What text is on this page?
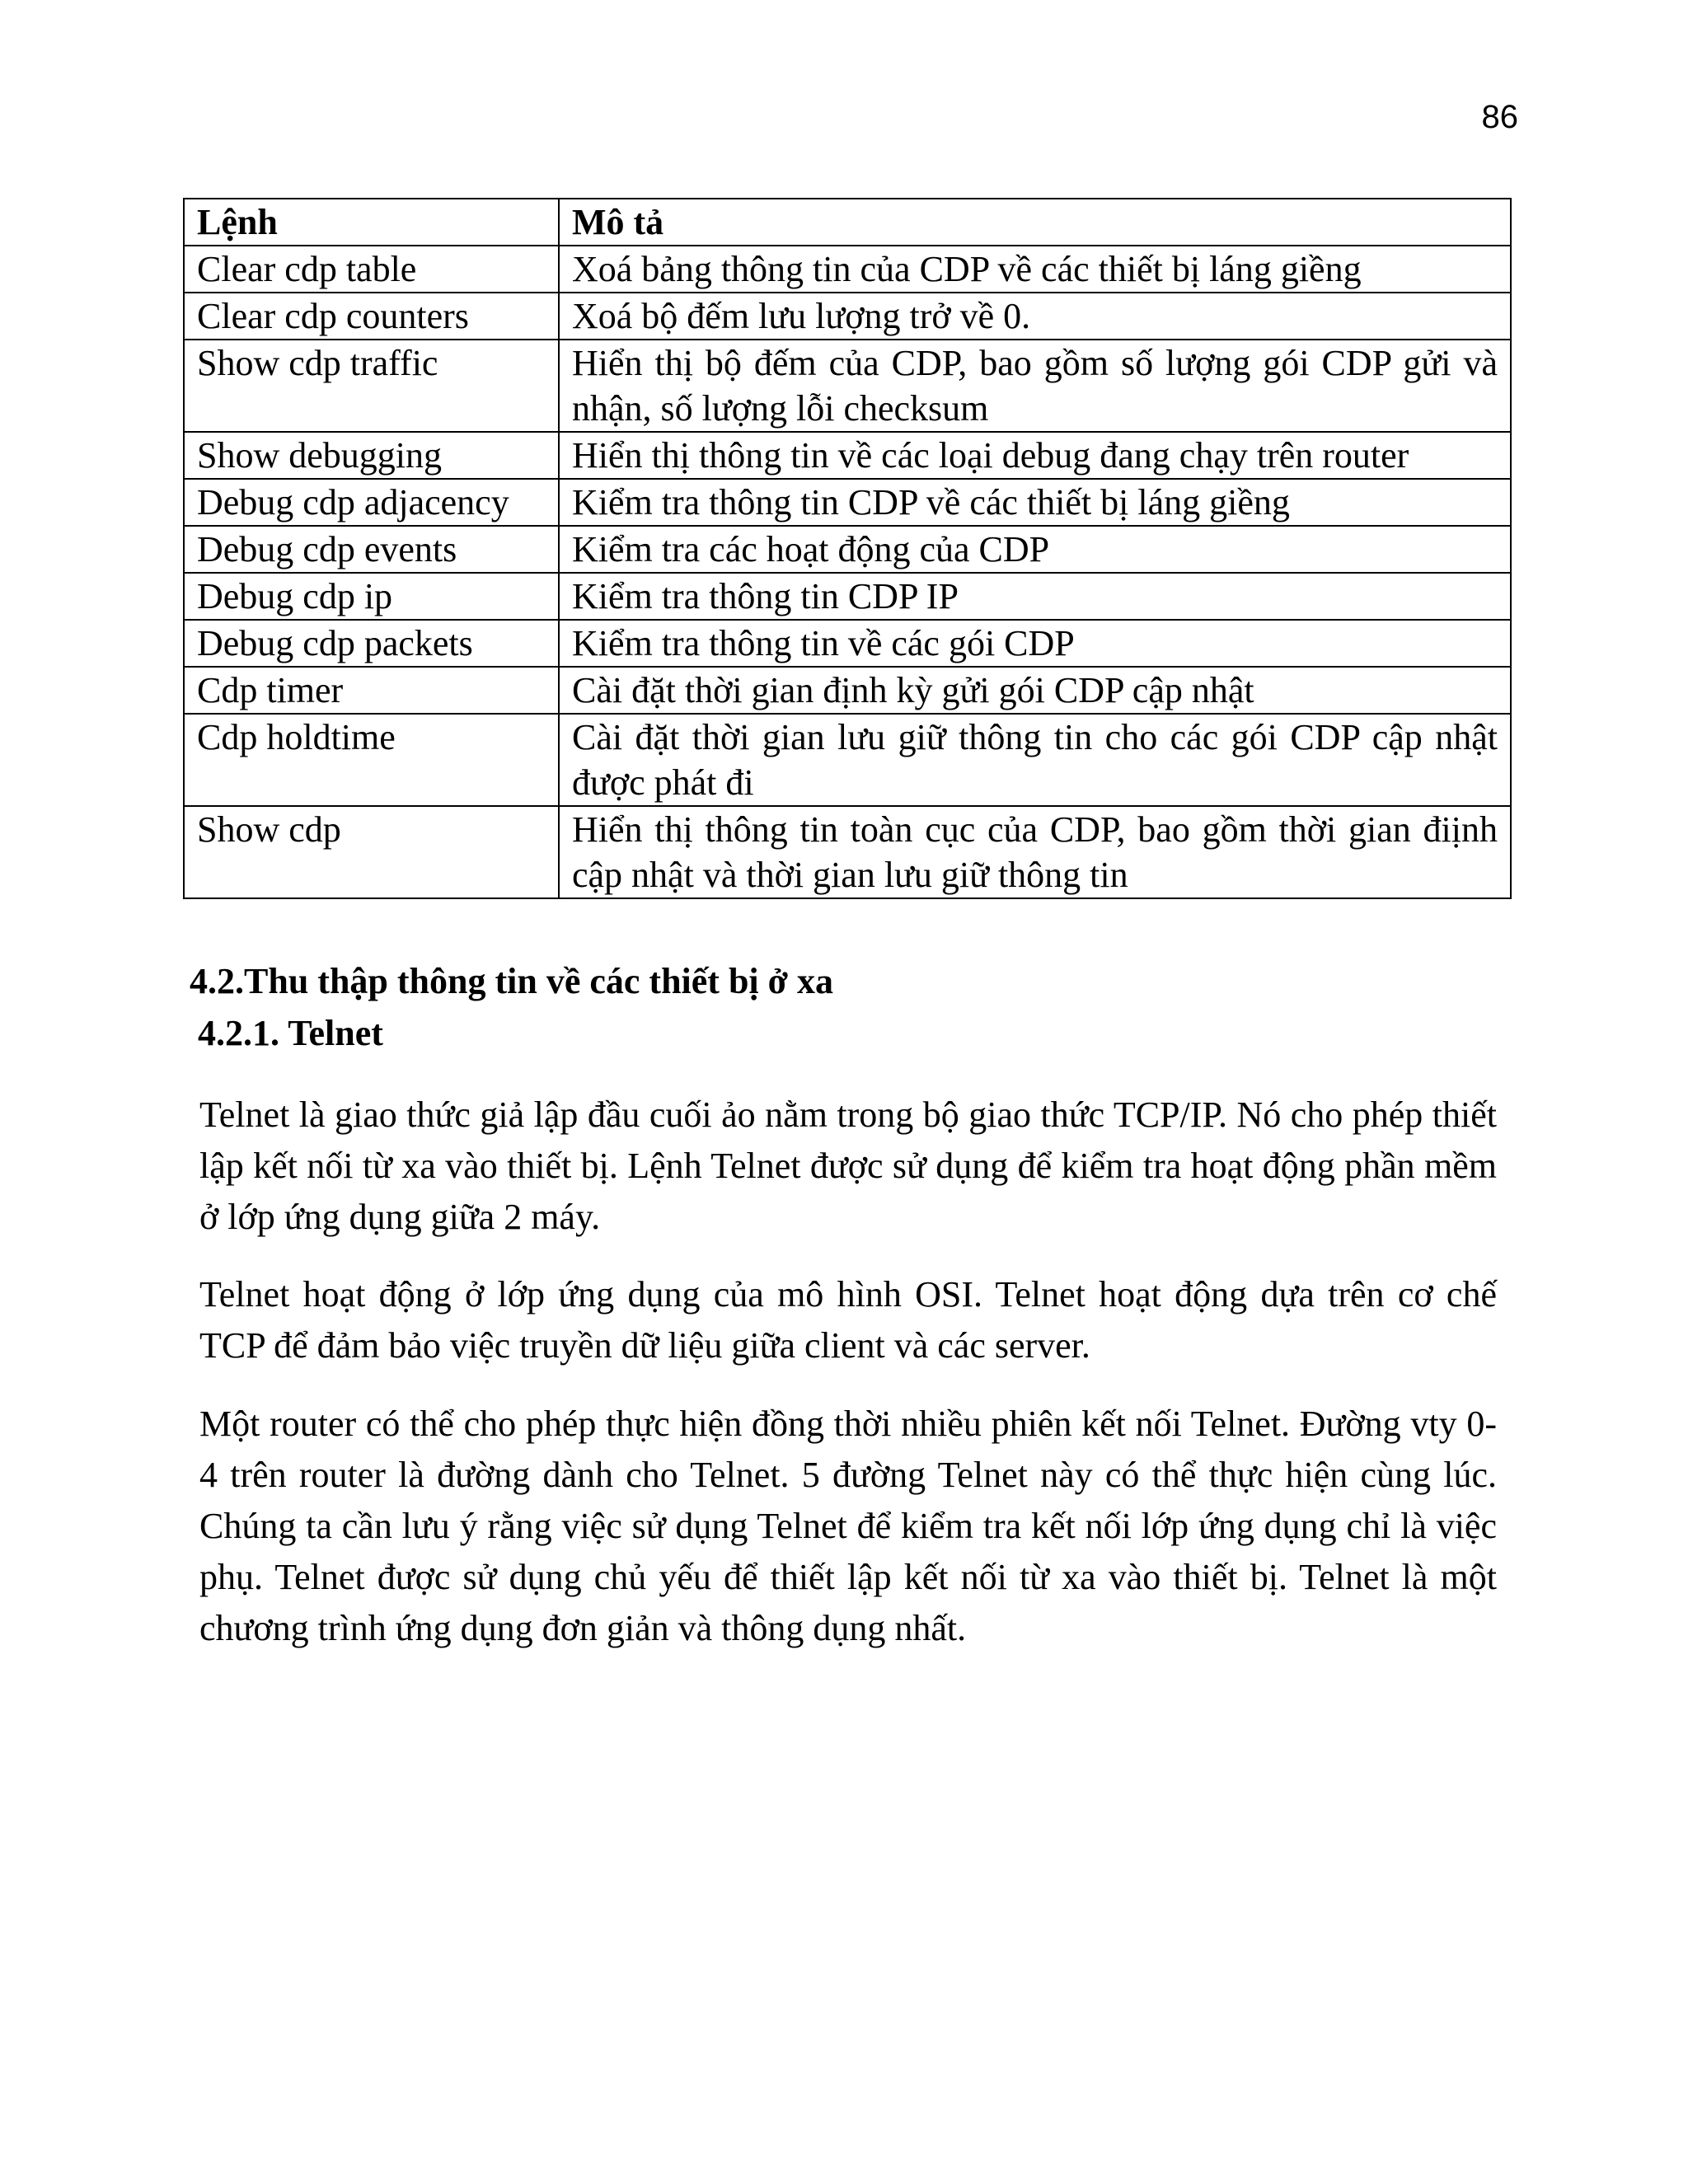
86
Lệnh	Mô tả
Clear cdp table	Xoá bảng thông tin của CDP về các thiết bị láng giềng
Clear cdp counters	Xoá bộ đếm lưu lượng trở về 0.
Show cdp traffic	Hiển thị bộ đếm của CDP, bao gồm số lượng gói CDP gửi và nhận, số lượng lỗi checksum
Show debugging	Hiển thị thông tin về các loại debug đang chạy trên router
Debug cdp adjacency	Kiểm tra thông tin CDP về các thiết bị láng giềng
Debug cdp events	Kiểm tra các hoạt động của CDP
Debug cdp ip	Kiểm tra thông tin CDP IP
Debug cdp packets	Kiểm tra thông tin về các gói CDP
Cdp timer	Cài đặt thời gian định kỳ gửi gói CDP cập nhật
Cdp holdtime	Cài đặt thời gian lưu giữ thông tin cho các gói CDP cập nhật được phát đi
Show cdp	Hiển thị thông tin toàn cục của CDP, bao gồm thời gian điịnh cập nhật và thời gian lưu giữ thông tin
4.2.Thu thập thông tin về các thiết bị ở xa
4.2.1. Telnet

Telnet là giao thức giả lập đầu cuối ảo nằm trong bộ giao thức TCP/IP. Nó cho phép thiết lập kết nối từ xa vào thiết bị. Lệnh Telnet được sử dụng để kiểm tra hoạt động phần mềm ở lớp ứng dụng giữa 2 máy.

Telnet hoạt động ở lớp ứng dụng của mô hình OSI. Telnet hoạt động dựa trên cơ chế TCP để đảm bảo việc truyền dữ liệu giữa client và các server.

Một router có thể cho phép thực hiện đồng thời nhiều phiên kết nối Telnet. Đường vty 0-4 trên router là đường dành cho Telnet. 5 đường Telnet này có thể thực hiện cùng lúc. Chúng ta cần lưu ý rằng việc sử dụng Telnet để kiểm tra kết nối lớp ứng dụng chỉ là việc phụ. Telnet được sử dụng chủ yếu để thiết lập kết nối từ xa vào thiết bị. Telnet là một chương trình ứng dụng đơn giản và thông dụng nhất.
